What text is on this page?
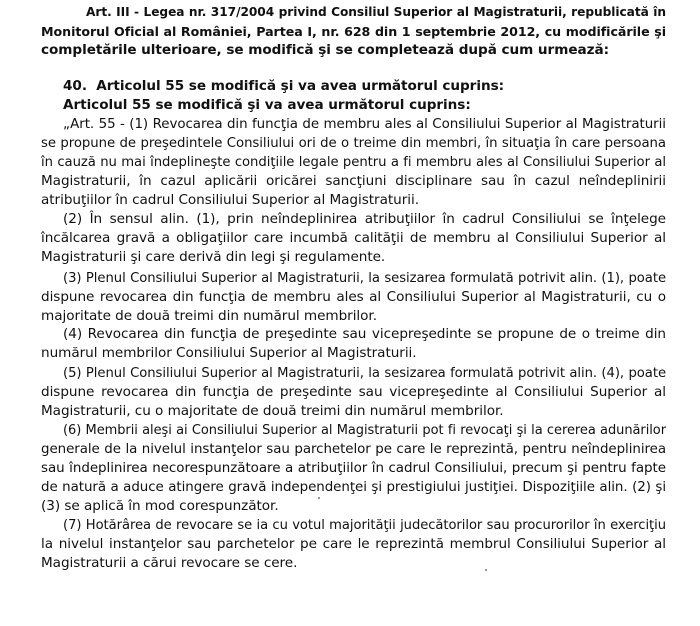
Art. III - Legea nr. 317/2004 privind Consiliul Superior al Magistraturii, republicată în
Monitorul Oficial al României, Partea I, nr. 628 din 1 septembrie 2012, cu modificările şi
completările ulterioare, se modifică şi se completează după cum urmează:
40.  Articolul 55 se modifică şi va avea următorul cuprins:
Articolul 55 se modifică şi va avea următorul cuprins:
„Art. 55 - (1) Revocarea din funcţia de membru ales al Consiliului Superior al Magistraturii
se propune de preşedintele Consiliului ori de o treime din membri, în situaţia în care persoana
în cauză nu mai îndeplineşte condiţiile legale pentru a fi membru ales al Consiliului Superior al
Magistraturii, în cazul aplicării oricărei sancţiuni disciplinare sau în cazul neîndeplinirii
atribuţiilor în cadrul Consiliului Superior al Magistraturii.
(2) În sensul alin. (1), prin neîndeplinirea atribuţiilor în cadrul Consiliului se înţelege
încălcarea gravă a obligaţiilor care incumbă calităţii de membru al Consiliului Superior al
Magistraturii şi care derivă din legi şi regulamente.
(3) Plenul Consiliului Superior al Magistraturii, la sesizarea formulată potrivit alin. (1), poate
dispune revocarea din funcţia de membru ales al Consiliului Superior al Magistraturii, cu o
majoritate de două treimi din numărul membrilor.
(4) Revocarea din funcţia de preşedinte sau vicepreşedinte se propune de o treime din
numărul membrilor Consiliului Superior al Magistraturii.
(5) Plenul Consiliului Superior al Magistraturii, la sesizarea formulată potrivit alin. (4), poate
dispune revocarea din funcţia de preşedinte sau vicepreşedinte al Consiliului Superior al
Magistraturii, cu o majoritate de două treimi din numărul membrilor.
(6) Membrii aleşi ai Consiliului Superior al Magistraturii pot fi revocaţi şi la cererea adunărilor
generale de la nivelul instanţelor sau parchetelor pe care le reprezintă, pentru neîndeplinirea
sau îndeplinirea necorespunzătoare a atribuţiilor în cadrul Consiliului, precum şi pentru fapte
de natură a aduce atingere gravă independenţei şi prestigiului justiţiei. Dispoziţiile alin. (2) şi
(3) se aplică în mod corespunzător.
(7) Hotărârea de revocare se ia cu votul majorităţii judecătorilor sau procurorilor în exerciţiu
la nivelul instanţelor sau parchetelor pe care le reprezintă membrul Consiliului Superior al
Magistraturii a cărui revocare se cere.
